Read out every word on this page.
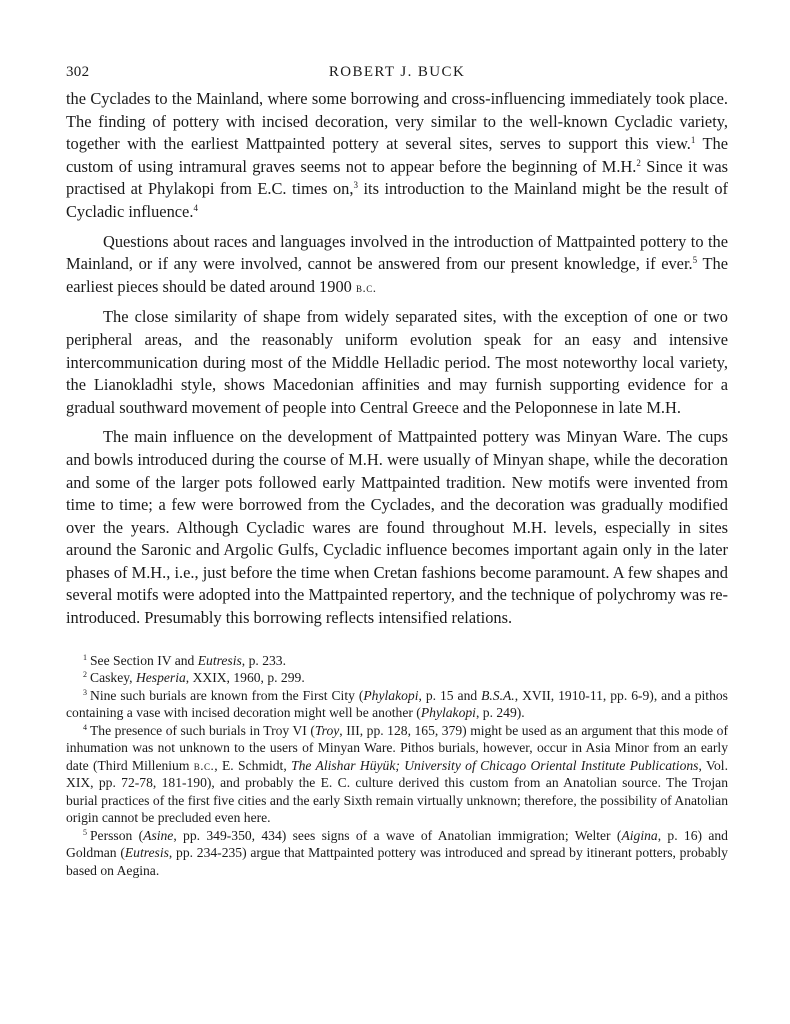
302	ROBERT J. BUCK

the Cyclades to the Mainland, where some borrowing and cross-influencing immediately took place. The finding of pottery with incised decoration, very similar to the well-known Cycladic variety, together with the earliest Mattpainted pottery at several sites, serves to support this view.$^1$ The custom of using intramural graves seems not to appear before the beginning of M.H.$^2$ Since it was practised at Phylakopi from E.C. times on,$^3$ its introduction to the Mainland might be the result of Cycladic influence.$^4$

Questions about races and languages involved in the introduction of Mattpainted pottery to the Mainland, or if any were involved, cannot be answered from our present knowledge, if ever.$^5$ The earliest pieces should be dated around 1900 b.c.

The close similarity of shape from widely separated sites, with the exception of one or two peripheral areas, and the reasonably uniform evolution speak for an easy and intensive intercommunication during most of the Middle Helladic period. The most noteworthy local variety, the Lianokladhi style, shows Macedonian affinities and may furnish supporting evidence for a gradual southward movement of people into Central Greece and the Peloponnese in late M.H.

The main influence on the development of Mattpainted pottery was Minyan Ware. The cups and bowls introduced during the course of M.H. were usually of Minyan shape, while the decoration and some of the larger pots followed early Mattpainted tradition. New motifs were invented from time to time; a few were borrowed from the Cyclades, and the decoration was gradually modified over the years. Although Cycladic wares are found throughout M.H. levels, especially in sites around the Saronic and Argolic Gulfs, Cycladic influence becomes important again only in the later phases of M.H., i.e., just before the time when Cretan fashions become paramount. A few shapes and several motifs were adopted into the Mattpainted repertory, and the technique of polychromy was re-introduced. Presumably this borrowing reflects intensified relations.

$^1$ See Section IV and Eutresis, p. 233.

$^2$ Caskey, Hesperia, XXIX, 1960, p. 299.

$^3$ Nine such burials are known from the First City (Phylakopi, p. 15 and B.S.A., XVII, 1910-11, pp. 6-9), and a pithos containing a vase with incised decoration might well be another (Phylakopi, p. 249).

$^4$ The presence of such burials in Troy VI (Troy, III, pp. 128, 165, 379) might be used as an argument that this mode of inhumation was not unknown to the users of Minyan Ware. Pithos burials, however, occur in Asia Minor from an early date (Third Millenium b.c., E. Schmidt, The Alishar Hüyük; University of Chicago Oriental Institute Publications, Vol. XIX, pp. 72-78, 181-190), and probably the E. C. culture derived this custom from an Anatolian source. The Trojan burial practices of the first five cities and the early Sixth remain virtually unknown; therefore, the possibility of Anatolian origin cannot be precluded even here.

$^5$ Persson (Asine, pp. 349-350, 434) sees signs of a wave of Anatolian immigration; Welter (Aigina, p. 16) and Goldman (Eutresis, pp. 234-235) argue that Mattpainted pottery was introduced and spread by itinerant potters, probably based on Aegina.
